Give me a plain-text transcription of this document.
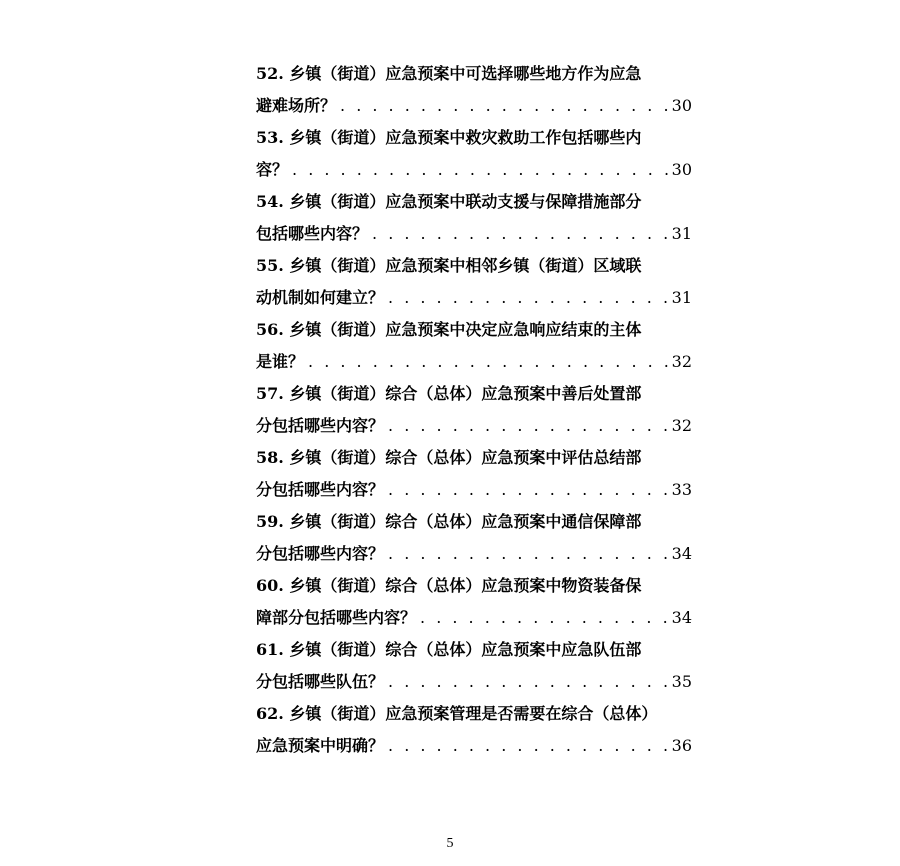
52. 乡镇（街道）应急预案中可选择哪些地方作为应急
避难场所？ . . .	30
53. 乡镇（街道）应急预案中救灾救助工作包括哪些内
容？ . . .	30
54. 乡镇（街道）应急预案中联动支援与保障措施部分
包括哪些内容？ . . .	31
55. 乡镇（街道）应急预案中相邻乡镇（街道）区域联
动机制如何建立？ . . .	31
56. 乡镇（街道）应急预案中决定应急响应结束的主体
是谁？ . . .	32
57. 乡镇（街道）综合（总体）应急预案中善后处置部
分包括哪些内容？ . . .	32
58. 乡镇（街道）综合（总体）应急预案中评估总结部
分包括哪些内容？ . . .	33
59. 乡镇（街道）综合（总体）应急预案中通信保障部
分包括哪些内容？ . . .	34
60. 乡镇（街道）综合（总体）应急预案中物资装备保
障部分包括哪些内容？ . . .	34
61. 乡镇（街道）综合（总体）应急预案中应急队伍部
分包括哪些队伍？ . . .	35
62. 乡镇（街道）应急预案管理是否需要在综合（总体）
应急预案中明确？ . . .	36
5
